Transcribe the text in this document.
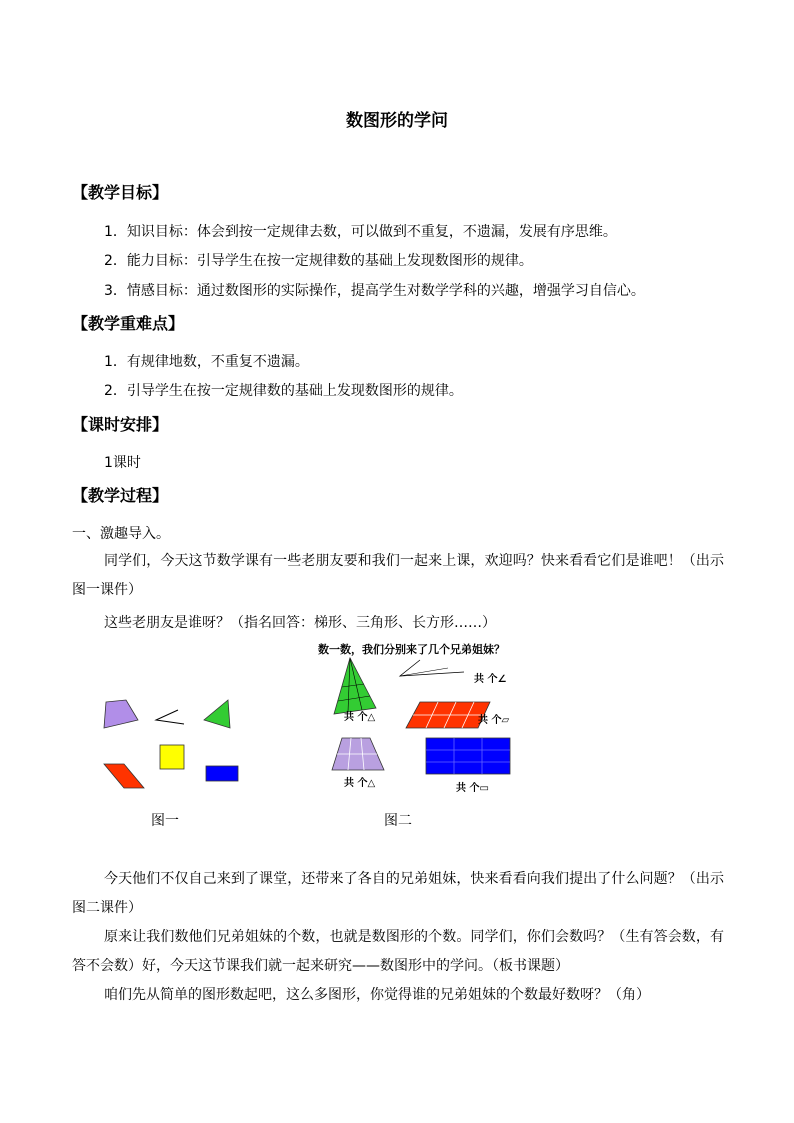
数图形的学问
【教学目标】
1．知识目标：体会到按一定规律去数，可以做到不重复，不遗漏，发展有序思维。
2．能力目标：引导学生在按一定规律数的基础上发现数图形的规律。
3．情感目标：通过数图形的实际操作，提高学生对数学学科的兴趣，增强学习自信心。
【教学重难点】
1．有规律地数，不重复不遗漏。
2．引导学生在按一定规律数的基础上发现数图形的规律。
【课时安排】
1课时
【教学过程】
一、激趣导入。
同学们，今天这节数学课有一些老朋友要和我们一起来上课，欢迎吗？快来看看它们是谁吧！（出示图一课件）
这些老朋友是谁呀？（指名回答：梯形、三角形、长方形……）
图一
数一数，我们分别来了几个兄弟姐妹？
共 个∠
共 个△	共 个▱
共 个△	共 个▭
图二
今天他们不仅自己来到了课堂，还带来了各自的兄弟姐妹，快来看看向我们提出了什么问题？（出示图二课件）
原来让我们数他们兄弟姐妹的个数，也就是数图形的个数。同学们，你们会数吗？（生有答会数，有答不会数）好，今天这节课我们就一起来研究——数图形中的学问。（板书课题）
咱们先从简单的图形数起吧，这么多图形，你觉得谁的兄弟姐妹的个数最好数呀？（角）
